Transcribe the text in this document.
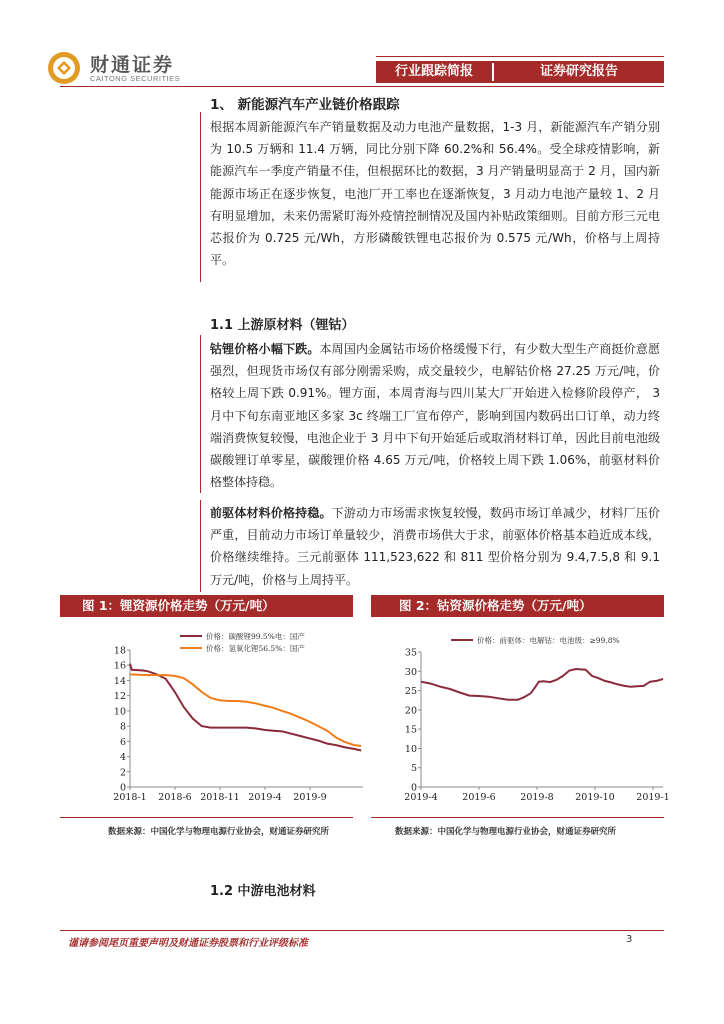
财通证券
CAITONG SECURITIES	行业跟踪简报	证券研究报告
1、 新能源汽车产业链价格跟踪

根据本周新能源汽车产销量数据及动力电池产量数据，1-3 月，新能源汽车产销分别为 10.5 万辆和 11.4 万辆，同比分别下降 60.2%和 56.4%。受全球疫情影响，新能源汽车一季度产销量不佳，但根据环比的数据，3 月产销量明显高于 2 月，国内新能源市场正在逐步恢复，电池厂开工率也在逐渐恢复，3 月动力电池产量较 1、2 月有明显增加，未来仍需紧盯海外疫情控制情况及国内补贴政策细则。目前方形三元电芯报价为 0.725 元/Wh，方形磷酸铁锂电芯报价为 0.575 元/Wh，价格与上周持平。

1.1 上游原材料（锂钴）

钴锂价格小幅下跌。本周国内金属钴市场价格缓慢下行，有少数大型生产商挺价意愿强烈，但现货市场仅有部分刚需采购，成交量较少，电解钴价格 27.25 万元/吨，价格较上周下跌 0.91%。锂方面，本周青海与四川某大厂开始进入检修阶段停产， 3 月中下旬东南亚地区多家 3c 终端工厂宣布停产，影响到国内数码出口订单，动力终端消费恢复较慢，电池企业于 3 月中下旬开始延后或取消材料订单，因此目前电池级碳酸锂订单零星，碳酸锂价格 4.65 万元/吨，价格较上周下跌 1.06%，前驱材料价格整体持稳。

前驱体材料价格持稳。下游动力市场需求恢复较慢，数码市场订单减少，材料厂压价严重，目前动力市场订单量较少，消费市场供大于求，前驱体价格基本趋近成本线，价格继续维持。三元前驱体 111,523,622 和 811 型价格分别为 9.4,7.5,8 和 9.1 万元/吨，价格与上周持平。

图 1：锂资源价格走势（万元/吨）
0
2
4
6
8
10
12
14
16
18
2018-1 2018-6 2018-11 2019-4 2019-9
价格：碳酸锂99.5%电：国产
价格：氢氧化锂56.5%：国产
数据来源：中国化学与物理电源行业协会，财通证券研究所
图 2：钴资源价格走势（万元/吨）
0
5
10
15
20
25
30
35
2019-4	2019-6	2019-8 2019-10 2019-1
价格：前驱体：电解钴：电池级：≥99.8%
数据来源：中国化学与物理电源行业协会，财通证券研究所
1.2 中游电池材料
谨请参阅尾页重要声明及财通证券股票和行业评级标准	3
